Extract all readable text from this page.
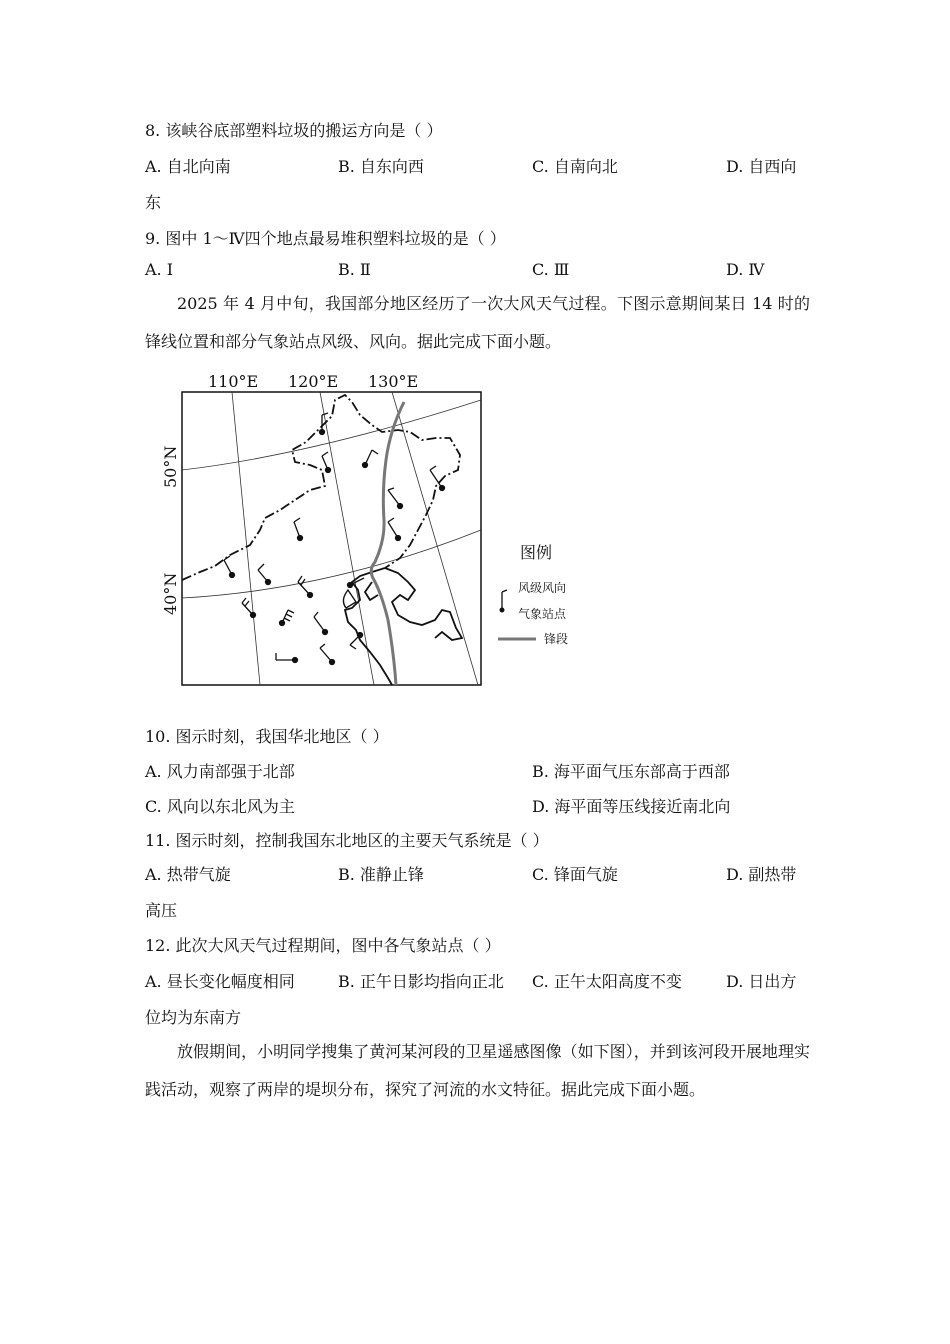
8. 该峡谷底部塑料垃圾的搬运方向是（ ）
A. 自北向南	B. 自东向西	C. 自南向北	D. 自西向
东
9. 图中 1～Ⅳ四个地点最易堆积塑料垃圾的是（ ）
A. Ⅰ	B. Ⅱ	C. Ⅲ	D. Ⅳ
2025 年 4 月中旬，我国部分地区经历了一次大风天气过程。下图示意期间某日 14 时的锋线位置和部分气象站点风级、风向。据此完成下面小题。
110°E 120°E 130°E
50°N
40°N
图例
风级风向
气象站点
锋段
10. 图示时刻，我国华北地区（ ）
A. 风力南部强于北部	B. 海平面气压东部高于西部
C. 风向以东北风为主	D. 海平面等压线接近南北向
11. 图示时刻，控制我国东北地区的主要天气系统是（ ）
A. 热带气旋	B. 准静止锋	C. 锋面气旋	D. 副热带
高压
12. 此次大风天气过程期间，图中各气象站点（ ）
A. 昼长变化幅度相同	B. 正午日影均指向正北 C. 正午太阳高度不变	D. 日出方
位均为东南方
放假期间，小明同学搜集了黄河某河段的卫星遥感图像（如下图），并到该河段开展地理实践活动，观察了两岸的堤坝分布，探究了河流的水文特征。据此完成下面小题。
